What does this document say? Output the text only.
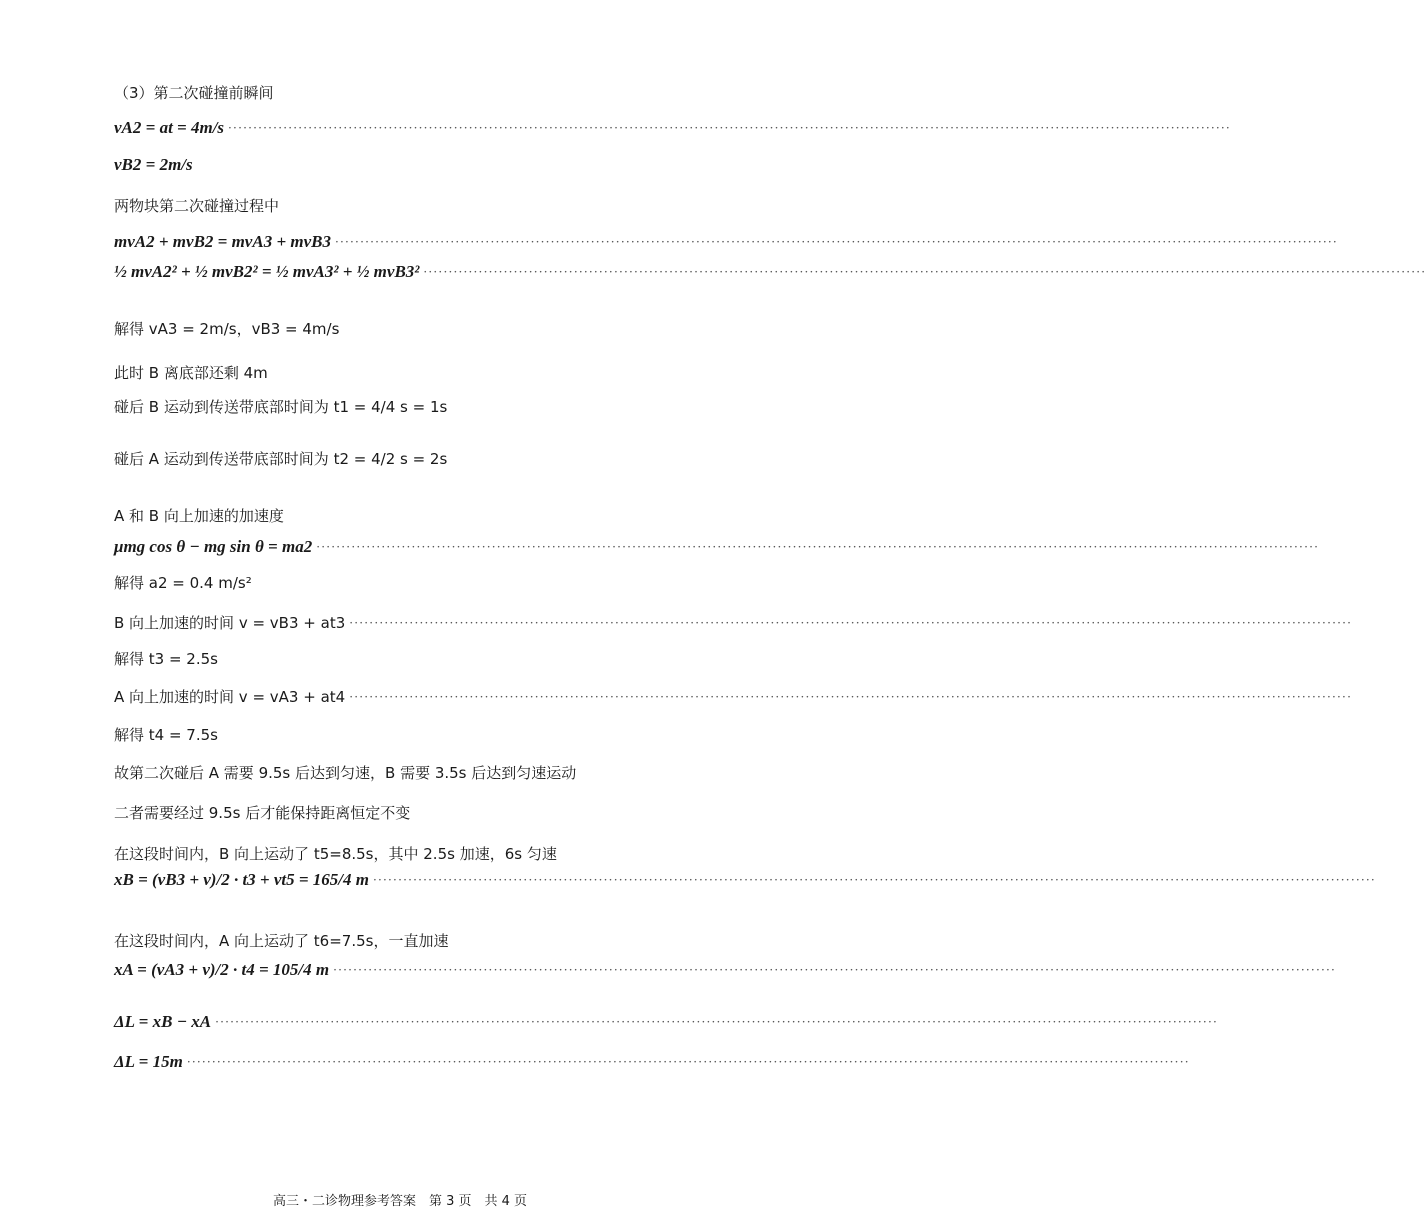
（3）第二次碰撞前瞬间
vA2 = at = 4m/s ········································································································································································································
vB2 = 2m/s
两物块第二次碰撞过程中
mvA2 + mvB2 = mvA3 + mvB3 ········································································································································································································
½ mvA2² + ½ mvB2² = ½ mvA3² + ½ mvB3² ········································································································································································································
解得 vA3 = 2m/s，vB3 = 4m/s
此时 B 离底部还剩 4m
碰后 B 运动到传送带底部时间为 t1 = 4/4 s = 1s
碰后 A 运动到传送带底部时间为 t2 = 4/2 s = 2s
A 和 B 向上加速的加速度
μmg cos θ − mg sin θ = ma2 ········································································································································································································
解得 a2 = 0.4 m/s²
B 向上加速的时间 v = vB3 + at3 ········································································································································································································
解得 t3 = 2.5s
A 向上加速的时间 v = vA3 + at4 ········································································································································································································
解得 t4 = 7.5s
故第二次碰后 A 需要 9.5s 后达到匀速，B 需要 3.5s 后达到匀速运动
二者需要经过 9.5s 后才能保持距离恒定不变
在这段时间内，B 向上运动了 t5=8.5s，其中 2.5s 加速，6s 匀速
xB = (vB3 + v)/2 · t3 + vt5 = 165/4 m ········································································································································································································
在这段时间内，A 向上运动了 t6=7.5s，一直加速
xA = (vA3 + v)/2 · t4 = 105/4 m ········································································································································································································
ΔL = xB − xA ········································································································································································································
ΔL = 15m ········································································································································································································
高三・二诊物理参考答案　第 3 页　共 4 页
